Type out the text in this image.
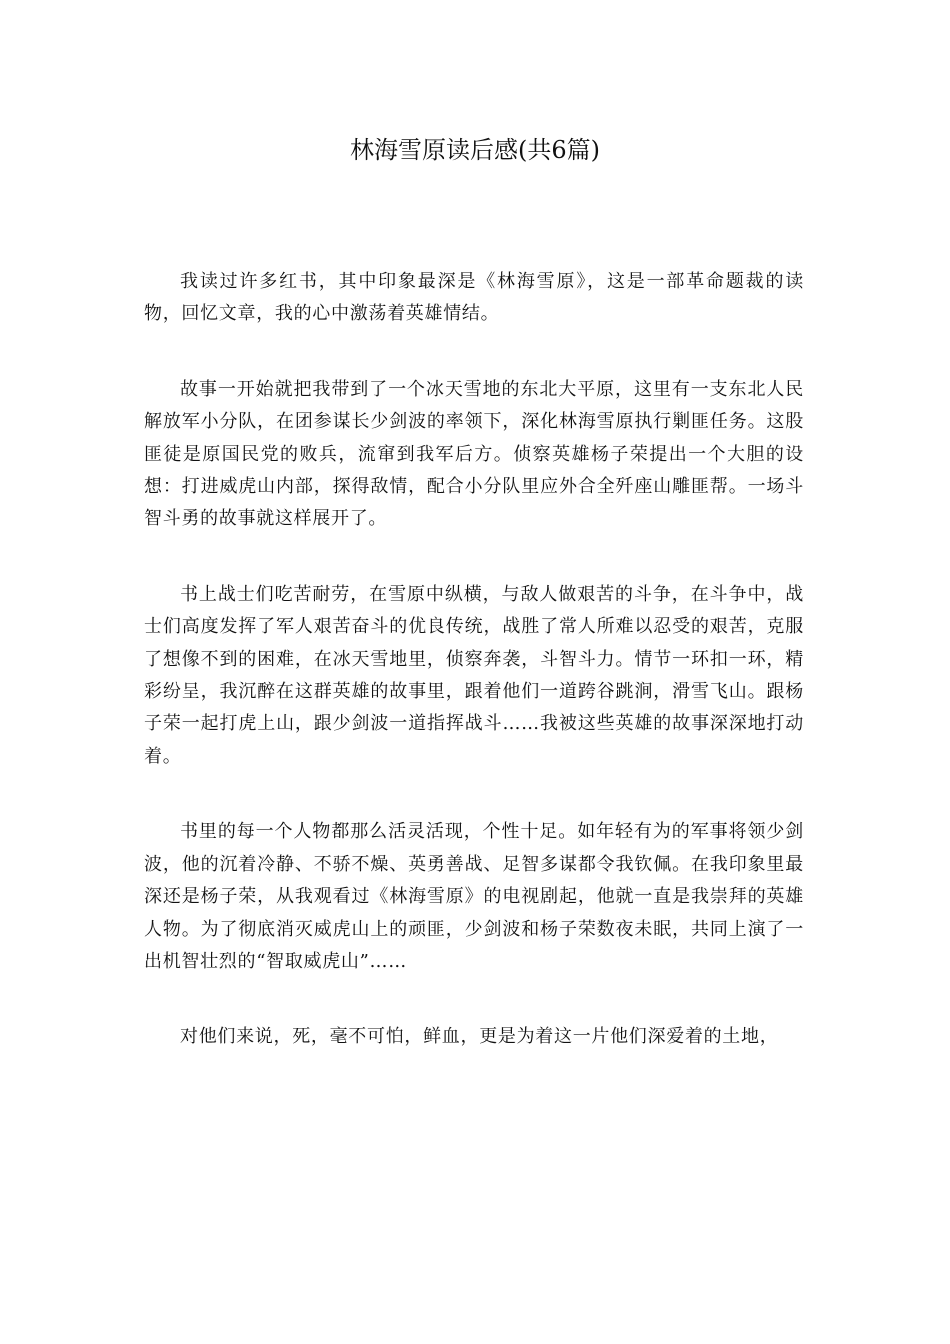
林海雪原读后感(共6篇)

我读过许多红书，其中印象最深是《林海雪原》，这是一部革命题裁的读物，回忆文章，我的心中激荡着英雄情结。

故事一开始就把我带到了一个冰天雪地的东北大平原，这里有一支东北人民解放军小分队，在团参谋长少剑波的率领下，深化林海雪原执行剿匪任务。这股匪徒是原国民党的败兵，流窜到我军后方。侦察英雄杨子荣提出一个大胆的设想：打进威虎山内部，探得敌情，配合小分队里应外合全歼座山雕匪帮。一场斗智斗勇的故事就这样展开了。

书上战士们吃苦耐劳，在雪原中纵横，与敌人做艰苦的斗争，在斗争中，战士们高度发挥了军人艰苦奋斗的优良传统，战胜了常人所难以忍受的艰苦，克服了想像不到的困难，在冰天雪地里，侦察奔袭，斗智斗力。情节一环扣一环，精彩纷呈，我沉醉在这群英雄的故事里，跟着他们一道跨谷跳涧，滑雪飞山。跟杨子荣一起打虎上山，跟少剑波一道指挥战斗……我被这些英雄的故事深深地打动着。

书里的每一个人物都那么活灵活现，个性十足。如年轻有为的军事将领少剑波，他的沉着冷静、不骄不燥、英勇善战、足智多谋都令我钦佩。在我印象里最深还是杨子荣，从我观看过《林海雪原》的电视剧起，他就一直是我崇拜的英雄人物。为了彻底消灭威虎山上的顽匪，少剑波和杨子荣数夜未眠，共同上演了一出机智壮烈的“智取威虎山”……

对他们来说，死，毫不可怕，鲜血，更是为着这一片他们深爱着的土地，
